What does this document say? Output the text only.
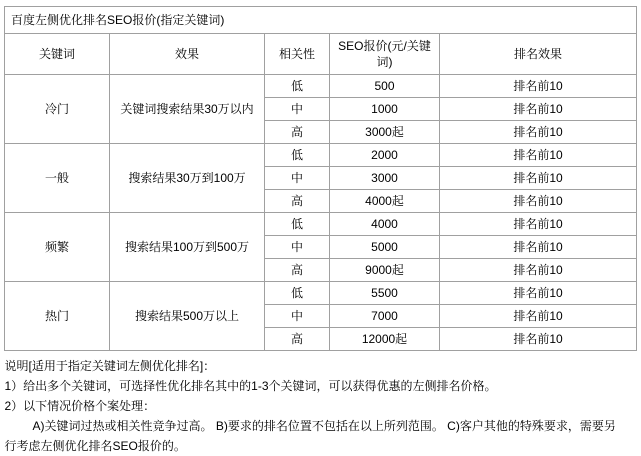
百度左侧优化排名SEO报价(指定关键词)				
关键词	效果	相关性	SEO报价(元/关键词)	排名效果
冷门	关键词搜索结果30万以内	低	500	排名前10
		中	1000	排名前10
		高	3000起	排名前10
一般	搜索结果30万到100万	低	2000	排名前10
		中	3000	排名前10
		高	4000起	排名前10
频繁	搜索结果100万到500万	低	4000	排名前10
		中	5000	排名前10
		高	9000起	排名前10
热门	搜索结果500万以上	低	5500	排名前10
		中	7000	排名前10
		高	12000起	排名前10

说明[适用于指定关键词左侧优化排名]：

1）给出多个关键词，可选择性优化排名其中的1-3个关键词，可以获得优惠的左侧排名价格。

2）以下情况价格个案处理：

A)关键词过热或相关性竞争过高。 B)要求的排名位置不包括在以上所列范围。 C)客户其他的特殊要求，需要另

行考虑左侧优化排名SEO报价的。
